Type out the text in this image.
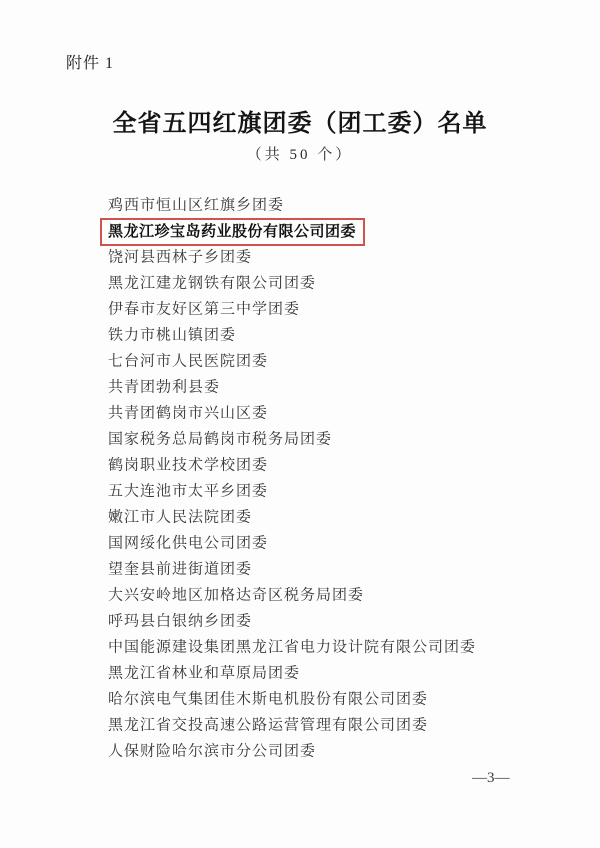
附件 1
全省五四红旗团委（团工委）名单
（共 50 个）
鸡西市恒山区红旗乡团委
黑龙江珍宝岛药业股份有限公司团委
饶河县西林子乡团委
黑龙江建龙钢铁有限公司团委
伊春市友好区第三中学团委
铁力市桃山镇团委
七台河市人民医院团委
共青团勃利县委
共青团鹤岗市兴山区委
国家税务总局鹤岗市税务局团委
鹤岗职业技术学校团委
五大连池市太平乡团委
嫩江市人民法院团委
国网绥化供电公司团委
望奎县前进街道团委
大兴安岭地区加格达奇区税务局团委
呼玛县白银纳乡团委
中国能源建设集团黑龙江省电力设计院有限公司团委
黑龙江省林业和草原局团委
哈尔滨电气集团佳木斯电机股份有限公司团委
黑龙江省交投高速公路运营管理有限公司团委
人保财险哈尔滨市分公司团委
—3—
